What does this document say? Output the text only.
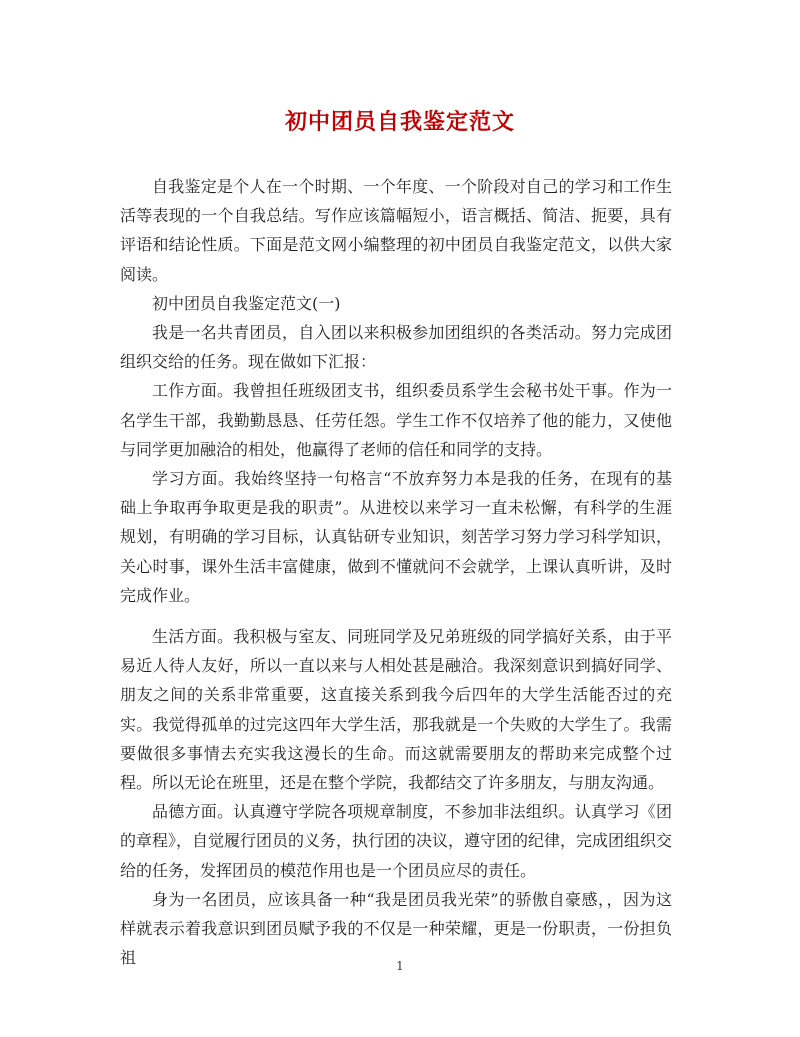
初中团员自我鉴定范文

自我鉴定是个人在一个时期、一个年度、一个阶段对自己的学习和工作生活等表现的一个自我总结。写作应该篇幅短小，语言概括、简洁、扼要，具有评语和结论性质。下面是范文网小编整理的初中团员自我鉴定范文，以供大家阅读。

初中团员自我鉴定范文(一)

我是一名共青团员，自入团以来积极参加团组织的各类活动。努力完成团组织交给的任务。现在做如下汇报：

工作方面。我曾担任班级团支书，组织委员系学生会秘书处干事。作为一名学生干部，我勤勤恳恳、任劳任怨。学生工作不仅培养了他的能力，又使他与同学更加融洽的相处，他赢得了老师的信任和同学的支持。

学习方面。我始终坚持一句格言“不放弃努力本是我的任务，在现有的基础上争取再争取更是我的职责”。从进校以来学习一直未松懈，有科学的生涯规划，有明确的学习目标，认真钻研专业知识，刻苦学习努力学习科学知识，关心时事，课外生活丰富健康，做到不懂就问不会就学，上课认真听讲，及时完成作业。

生活方面。我积极与室友、同班同学及兄弟班级的同学搞好关系，由于平易近人待人友好，所以一直以来与人相处甚是融洽。我深刻意识到搞好同学、朋友之间的关系非常重要，这直接关系到我今后四年的大学生活能否过的充实。我觉得孤单的过完这四年大学生活，那我就是一个失败的大学生了。我需要做很多事情去充实我这漫长的生命。而这就需要朋友的帮助来完成整个过程。所以无论在班里，还是在整个学院，我都结交了许多朋友，与朋友沟通。

品德方面。认真遵守学院各项规章制度，不参加非法组织。认真学习《团的章程》，自觉履行团员的义务，执行团的决议，遵守团的纪律，完成团组织交给的任务，发挥团员的模范作用也是一个团员应尽的责任。

身为一名团员，应该具备一种“我是团员我光荣”的骄傲自豪感，，因为这样就表示着我意识到团员赋予我的不仅是一种荣耀，更是一份职责，一份担负祖	1
